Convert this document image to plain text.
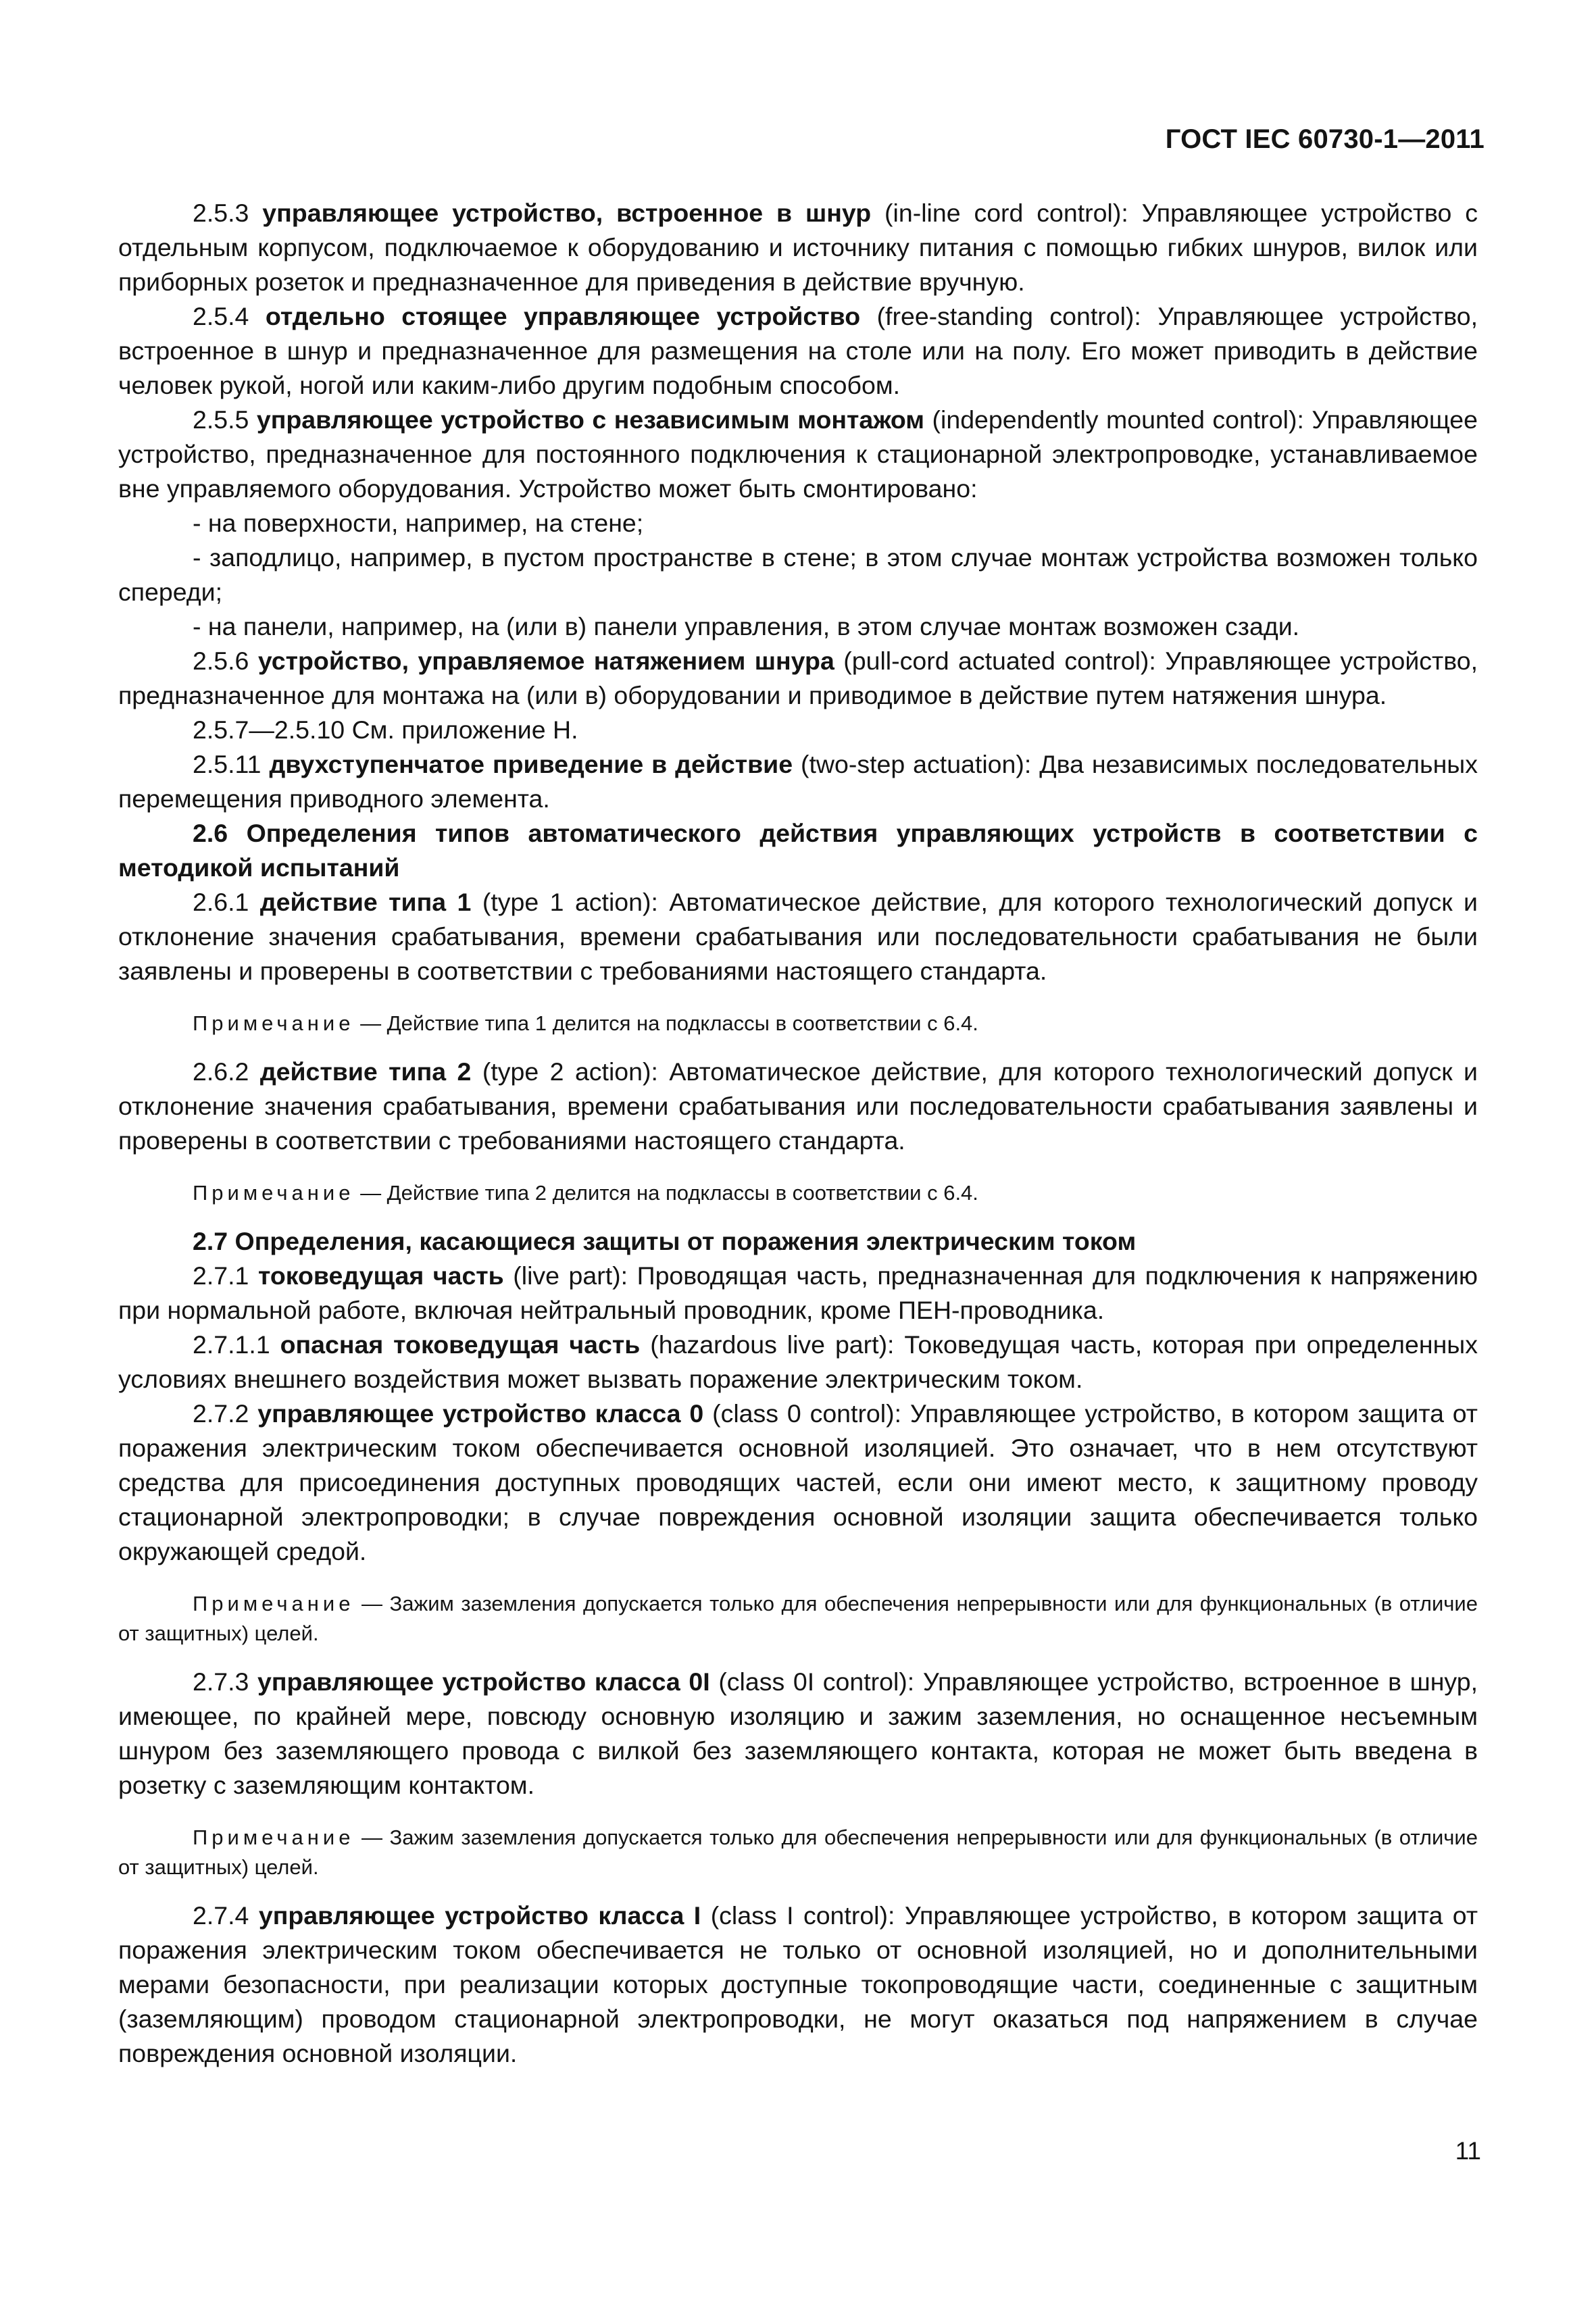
ГОСТ IEC 60730-1—2011

2.5.3 управляющее устройство, встроенное в шнур (in-line cord control): Управляющее устройство с отдельным корпусом, подключаемое к оборудованию и источнику питания с помощью гибких шнуров, вилок или приборных розеток и предназначенное для приведения в действие вручную.

2.5.4 отдельно стоящее управляющее устройство (free-standing control): Управляющее устройство, встроенное в шнур и предназначенное для размещения на столе или на полу. Его может приводить в действие человек рукой, ногой или каким-либо другим подобным способом.

2.5.5 управляющее устройство с независимым монтажом (independently mounted control): Управляющее устройство, предназначенное для постоянного подключения к стационарной электропроводке, устанавливаемое вне управляемого оборудования. Устройство может быть смонтировано:

- на поверхности, например, на стене;

- заподлицо, например, в пустом пространстве в стене; в этом случае монтаж устройства возможен только спереди;

- на панели, например, на (или в) панели управления, в этом случае монтаж возможен сзади.

2.5.6 устройство, управляемое натяжением шнура (pull-cord actuated control): Управляющее устройство, предназначенное для монтажа на (или в) оборудовании и приводимое в действие путем натяжения шнура.

2.5.7—2.5.10 См. приложение Н.

2.5.11 двухступенчатое приведение в действие (two-step actuation): Два независимых последовательных перемещения приводного элемента.

2.6 Определения типов автоматического действия управляющих устройств в соответствии с методикой испытаний

2.6.1 действие типа 1 (type 1 action): Автоматическое действие, для которого технологический допуск и отклонение значения срабатывания, времени срабатывания или последовательности срабатывания не были заявлены и проверены в соответствии с требованиями настоящего стандарта.

Примечание — Действие типа 1 делится на подклассы в соответствии с 6.4.

2.6.2 действие типа 2 (type 2 action): Автоматическое действие, для которого технологический допуск и отклонение значения срабатывания, времени срабатывания или последовательности срабатывания заявлены и проверены в соответствии с требованиями настоящего стандарта.

Примечание — Действие типа 2 делится на подклассы в соответствии с 6.4.

2.7 Определения, касающиеся защиты от поражения электрическим током

2.7.1 токоведущая часть (live part): Проводящая часть, предназначенная для подключения к напряжению при нормальной работе, включая нейтральный проводник, кроме ПЕН-проводника.

2.7.1.1 опасная токоведущая часть (hazardous live part): Токоведущая часть, которая при определенных условиях внешнего воздействия может вызвать поражение электрическим током.

2.7.2 управляющее устройство класса 0 (class 0 control): Управляющее устройство, в котором защита от поражения электрическим током обеспечивается основной изоляцией. Это означает, что в нем отсутствуют средства для присоединения доступных проводящих частей, если они имеют место, к защитному проводу стационарной электропроводки; в случае повреждения основной изоляции защита обеспечивается только окружающей средой.

Примечание — Зажим заземления допускается только для обеспечения непрерывности или для функциональных (в отличие от защитных) целей.

2.7.3 управляющее устройство класса 0I (class 0I control): Управляющее устройство, встроенное в шнур, имеющее, по крайней мере, повсюду основную изоляцию и зажим заземления, но оснащенное несъемным шнуром без заземляющего провода с вилкой без заземляющего контакта, которая не может быть введена в розетку с заземляющим контактом.

Примечание — Зажим заземления допускается только для обеспечения непрерывности или для функциональных (в отличие от защитных) целей.

2.7.4 управляющее устройство класса I (class I control): Управляющее устройство, в котором защита от поражения электрическим током обеспечивается не только от основной изоляцией, но и дополнительными мерами безопасности, при реализации которых доступные токопроводящие части, соединенные с защитным (заземляющим) проводом стационарной электропроводки, не могут оказаться под напряжением в случае повреждения основной изоляции.

11
